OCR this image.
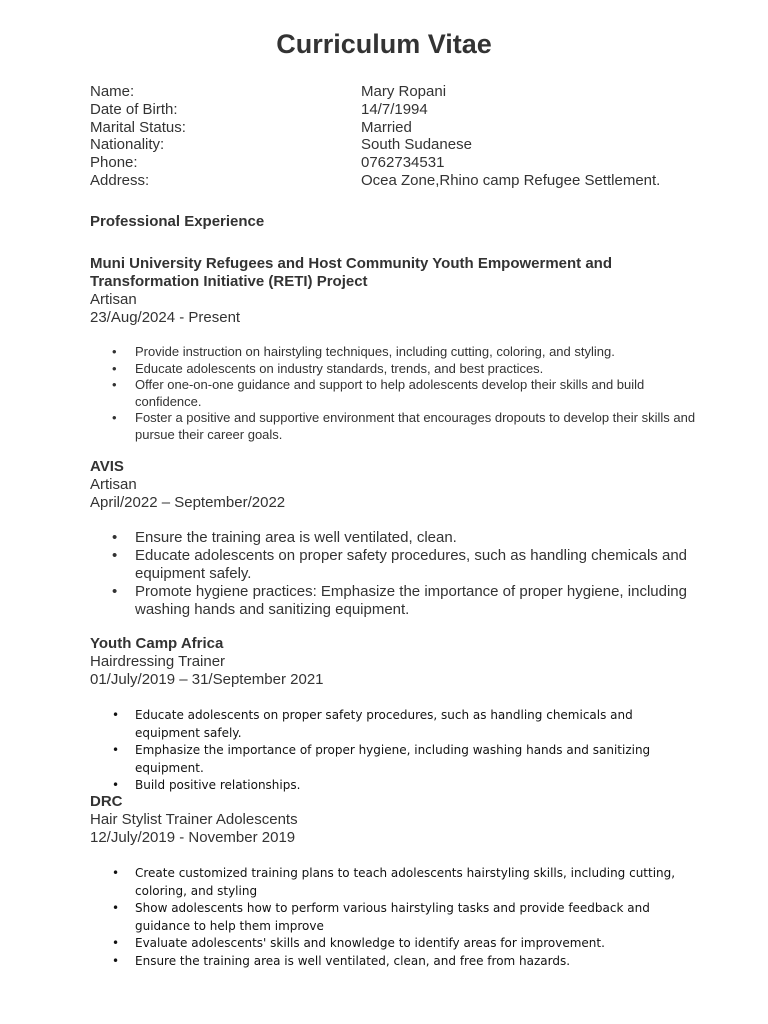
Curriculum Vitae
Name:	Mary Ropani
Date of Birth:	14/7/1994
Marital Status:	Married
Nationality:	South Sudanese
Phone:	0762734531
Address:	Ocea Zone,Rhino camp Refugee Settlement.
Professional Experience
Muni University Refugees and Host Community Youth Empowerment and Transformation Initiative (RETI) Project
Artisan
23/Aug/2024 - Present
• Provide instruction on hairstyling techniques, including cutting, coloring, and styling.
• Educate adolescents on industry standards, trends, and best practices.
• Offer one-on-one guidance and support to help adolescents develop their skills and build confidence.
• Foster a positive and supportive environment that encourages dropouts to develop their skills and pursue their career goals.
AVIS
Artisan
April/2022 – September/2022
• Ensure the training area is well ventilated, clean.
• Educate adolescents on proper safety procedures, such as handling chemicals and equipment safely.
• Promote hygiene practices: Emphasize the importance of proper hygiene, including washing hands and sanitizing equipment.
Youth Camp Africa
Hairdressing Trainer
01/July/2019 – 31/September 2021
• Educate adolescents on proper safety procedures, such as handling chemicals and equipment safely.
• Emphasize the importance of proper hygiene, including washing hands and sanitizing equipment.
• Build positive relationships.
DRC
Hair Stylist Trainer Adolescents
12/July/2019 - November 2019
• Create customized training plans to teach adolescents hairstyling skills, including cutting, coloring, and styling
• Show adolescents how to perform various hairstyling tasks and provide feedback and guidance to help them improve
• Evaluate adolescents' skills and knowledge to identify areas for improvement.
• Ensure the training area is well ventilated, clean, and free from hazards.
